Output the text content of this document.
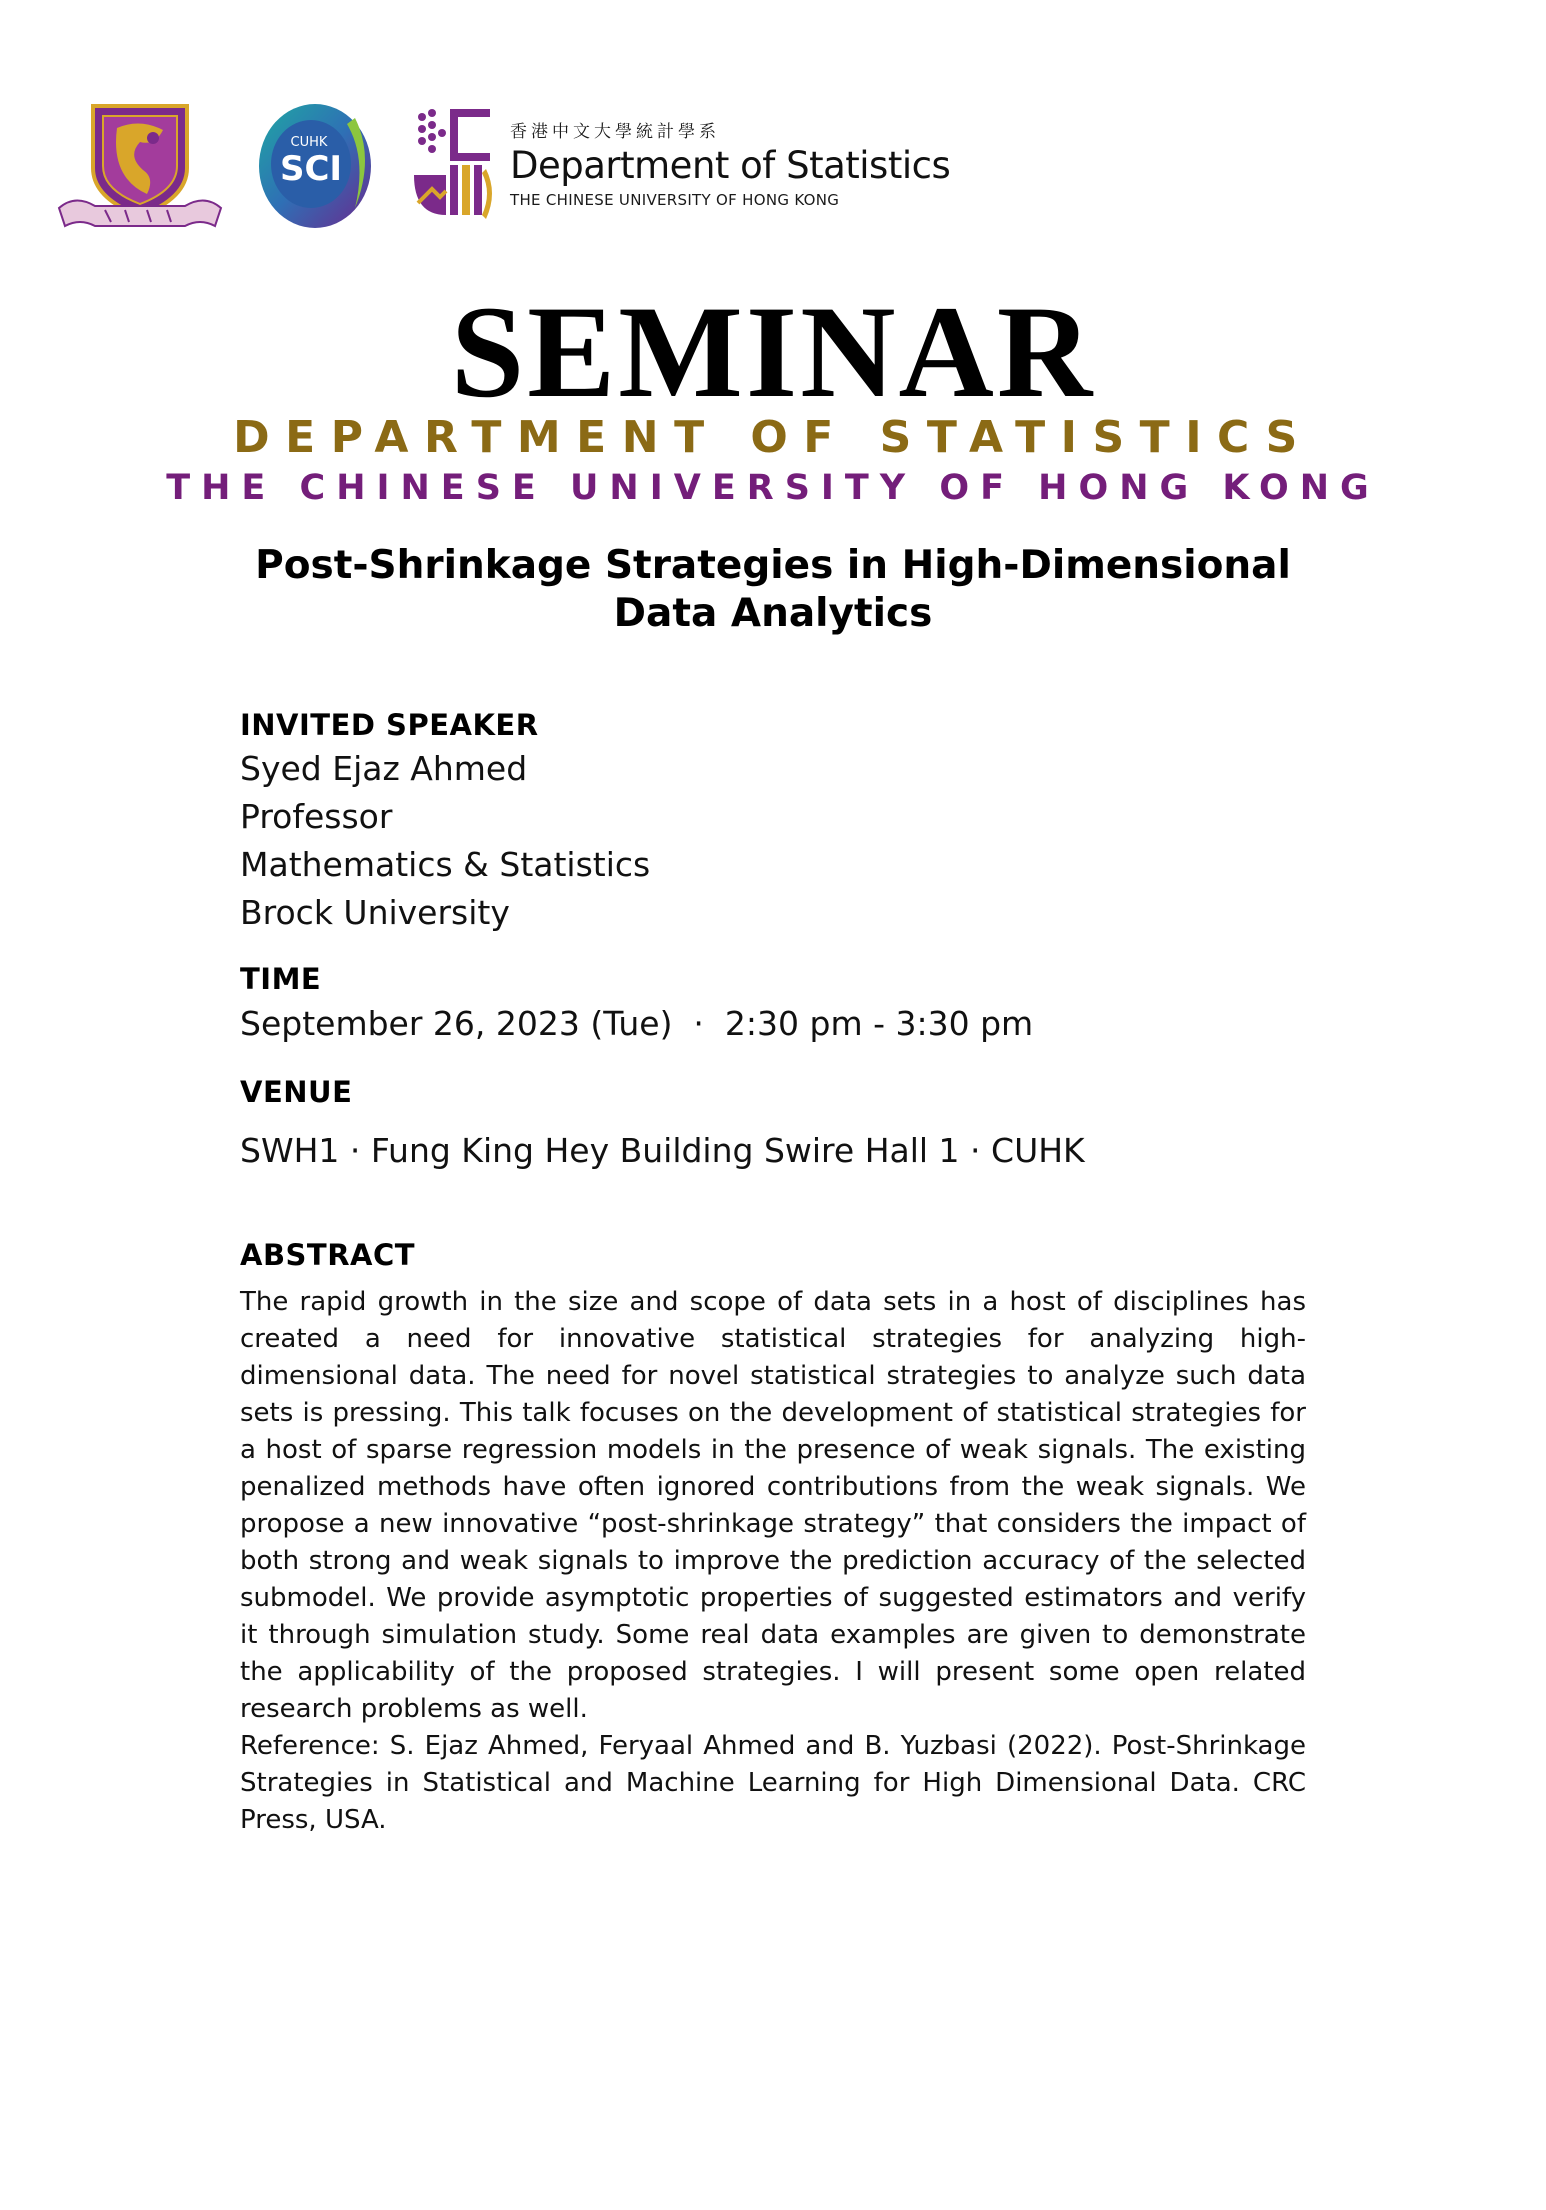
CUHK
SCI
香港中文大學統計學系
Department of Statistics
THE CHINESE UNIVERSITY OF HONG KONG
SEMINAR
DEPARTMENT OF STATISTICS
THE CHINESE UNIVERSITY OF HONG KONG
Post-Shrinkage Strategies in High-Dimensional
Data Analytics
INVITED SPEAKER
Syed Ejaz Ahmed
Professor
Mathematics & Statistics
Brock University
TIME
September 26, 2023 (Tue)  ·  2:30 pm - 3:30 pm
VENUE
SWH1 · Fung King Hey Building Swire Hall 1 · CUHK
ABSTRACT

The rapid growth in the size and scope of data sets in a host of disciplines has created a need for innovative statistical strategies for analyzing high-dimensional data. The need for novel statistical strategies to analyze such data sets is pressing. This talk focuses on the development of statistical strategies for a host of sparse regression models in the presence of weak signals. The existing penalized methods have often ignored contributions from the weak signals. We propose a new innovative “post-shrinkage strategy” that considers the impact of both strong and weak signals to improve the prediction accuracy of the selected submodel. We provide asymptotic properties of suggested estimators and verify it through simulation study. Some real data examples are given to demonstrate the applicability of the proposed strategies. I will present some open related research problems as well.

Reference: S. Ejaz Ahmed, Feryaal Ahmed and B. Yuzbasi (2022). Post-Shrinkage Strategies in Statistical and Machine Learning for High Dimensional Data. CRC Press, USA.
